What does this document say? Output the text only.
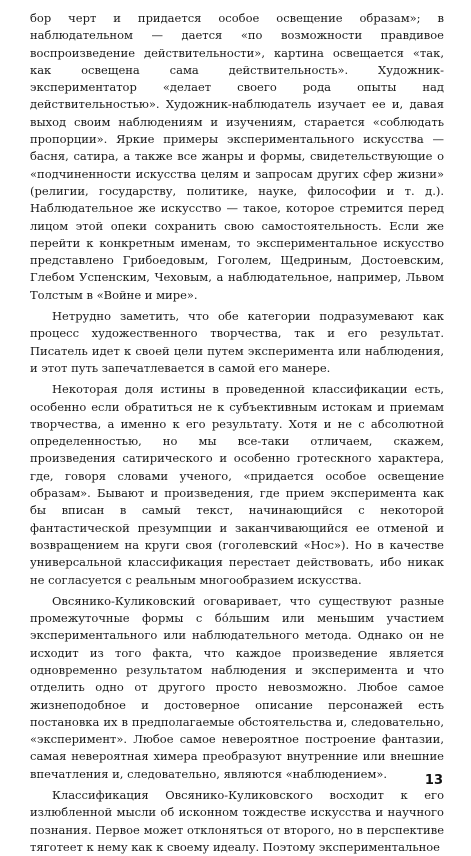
бор черт и придается особое освещение образам»; в наблюдательном — дается «по возможности правдивое воспроизведение действительности», картина освещается «так, как освещена сама действительность». Художник-экспериментатор «делает своего рода опыты над действительностью». Художник-наблюдатель изучает ее и, давая выход своим наблюдениям и изучениям, старается «соблюдать пропорции». Яркие примеры экспериментального искусства — басня, сатира, а также все жанры и формы, свидетельствующие о «подчиненности искусства целям и запросам других сфер жизни» (религии, государству, политике, науке, философии и т. д.). Наблюдательное же искусство — такое, которое стремится перед лицом этой опеки сохранить свою самостоятельность. Если же перейти к конкретным именам, то экспериментальное искусство представлено Грибоедовым, Гоголем, Щедриным, Достоевским, Глебом Успенским, Чеховым, а наблюдательное, например, Львом Толстым в «Войне и мире».

Нетрудно заметить, что обе категории подразумевают как процесс художественного творчества, так и его результат. Писатель идет к своей цели путем эксперимента или наблюдения, и этот путь запечатлевается в самой его манере.

Некоторая доля истины в проведенной классификации есть, особенно если обратиться не к субъективным истокам и приемам творчества, а именно к его результату. Хотя и не с абсолютной определенностью, но мы все-таки отличаем, скажем, произведения сатирического и особенно гротескного характера, где, говоря словами ученого, «придается особое освещение образам». Бывают и произведения, где прием эксперимента как бы вписан в самый текст, начинающийся с некоторой фантастической презумпции и заканчивающийся ее отменой и возвращением на круги своя (гоголевский «Нос»). Но в качестве универсальной классификация перестает действовать, ибо никак не согласуется с реальным многообразием искусства.

Овсянико-Куликовский оговаривает, что существуют разные промежуточные формы с бóльшим или меньшим участием экспериментального или наблюдательного метода. Однако он не исходит из того факта, что каждое произведение является одновременно результатом наблюдения и эксперимента и что отделить одно от другого просто невозможно. Любое самое жизнеподобное и достоверное описание персонажей есть постановка их в предполагаемые обстоятельства и, следовательно, «эксперимент». Любое самое невероятное построение фантазии, самая невероятная химера преобразуют внутренние или внешние впечатления и, следовательно, являются «наблюдением».

Классификация Овсянико-Куликовского восходит к его излюбленной мысли об исконном тождестве искусства и научного познания. Первое может отклоняться от второго, но в перспективе тяготеет к нему как к своему идеалу. Поэтому экспериментальное

13
